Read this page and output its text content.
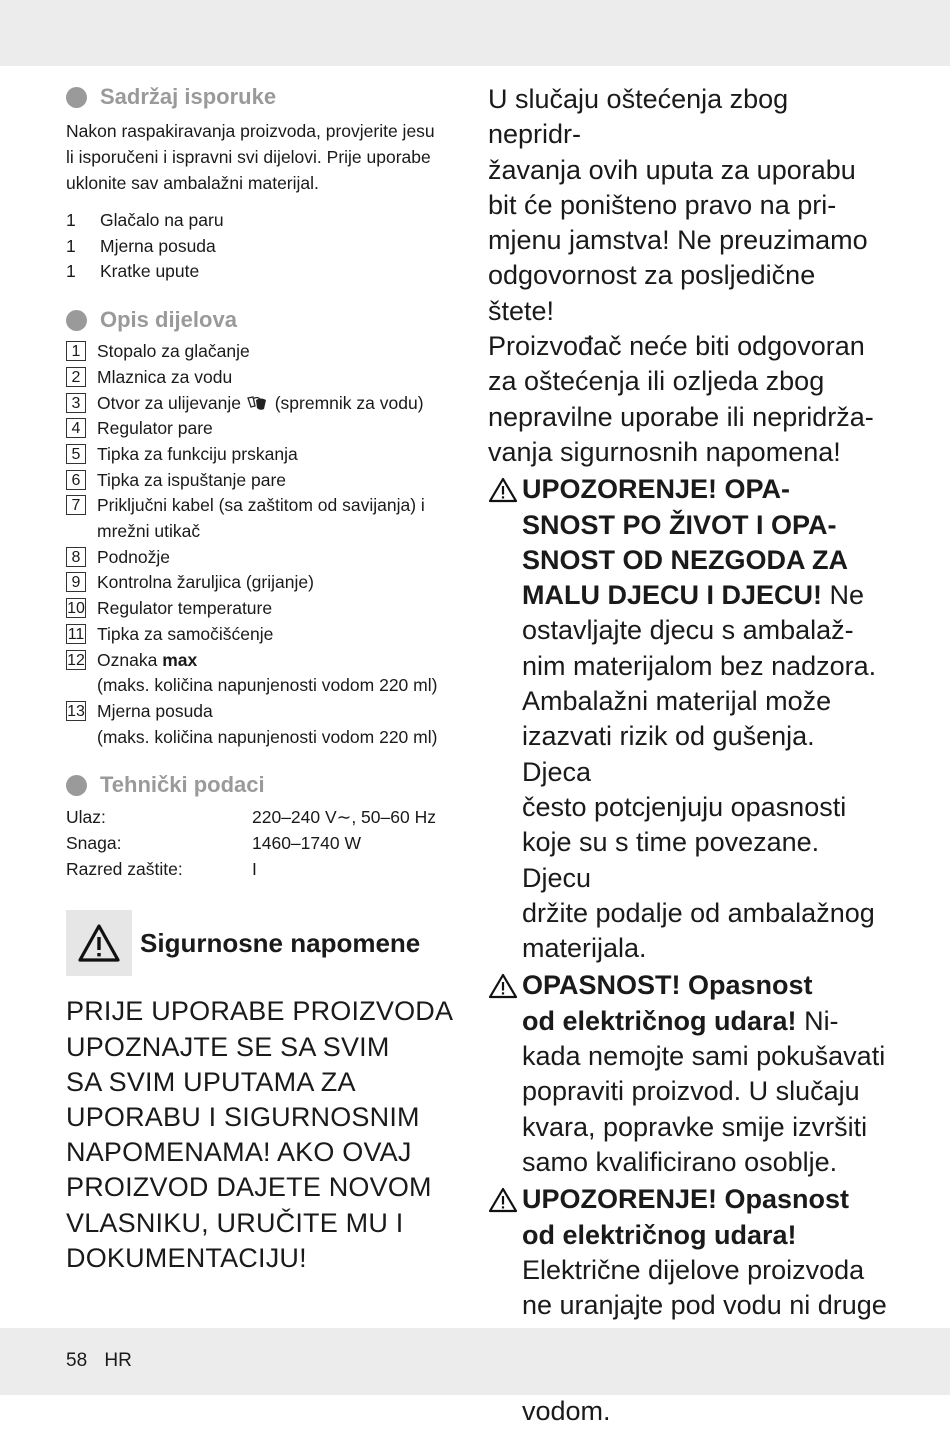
Sadržaj isporuke
Nakon raspakiravanja proizvoda, provjerite jesu
li isporučeni i ispravni svi dijelovi. Prije uporabe
uklonite sav ambalažni materijal.
1	Glačalo na paru
1	Mjerna posuda
1	Kratke upute
Opis dijelova
1 Stopalo za glačanje
2 Mlaznica za vodu
3 Otvor za ulijevanje (spremnik za vodu)
4 Regulator pare
5 Tipka za funkciju prskanja
6 Tipka za ispuštanje pare
7 Priključni kabel (sa zaštitom od savijanja) i
mrežni utikač
8 Podnožje
9 Kontrolna žaruljica (grijanje)
10 Regulator temperature
11 Tipka za samočišćenje
12 Oznaka max
(maks. količina napunjenosti vodom 220 ml)
13 Mjerna posuda
(maks. količina napunjenosti vodom 220 ml)
Tehnički podaci
Ulaz:	220–240 V∼, 50–60 Hz
Snaga:	1460–1740 W
Razred zaštite:	I
Sigurnosne napomene
PRIJE UPORABE PROIZVODA
UPOZNAJTE SE SA SVIM
SA SVIM UPUTAMA ZA
UPORABU I SIGURNOSNIM
NAPOMENAMA! AKO OVAJ
PROIZVOD DAJETE NOVOM
VLASNIKU, URUČITE MU I
DOKUMENTACIJU!
U slučaju oštećenja zbog nepridr-
žavanja ovih uputa za uporabu
bit će poništeno pravo na pri-
mjenu jamstva! Ne preuzimamo
odgovornost za posljedične štete!
Proizvođač neće biti odgovoran
za oštećenja ili ozljeda zbog
nepravilne uporabe ili nepridrža-
vanja sigurnosnih napomena!
UPOZORENJE! OPA-
SNOST PO ŽIVOT I OPA-
SNOST OD NEZGODA ZA
MALU DJECU I DJECU! Ne
ostavljajte djecu s ambalaž-
nim materijalom bez nadzora.
Ambalažni materijal može
izazvati rizik od gušenja. Djeca
često potcjenjuju opasnosti
koje su s time povezane. Djecu
držite podalje od ambalažnog
materijala.
OPASNOST! Opasnost
od električnog udara! Ni-
kada nemojte sami pokušavati
popraviti proizvod. U slučaju
kvara, popravke smije izvršiti
samo kvalificirano osoblje.
UPOZORENJE! Opasnost
od električnog udara!
Električne dijelove proizvoda
ne uranjajte pod vodu ni druge
vodom.
58 HR
